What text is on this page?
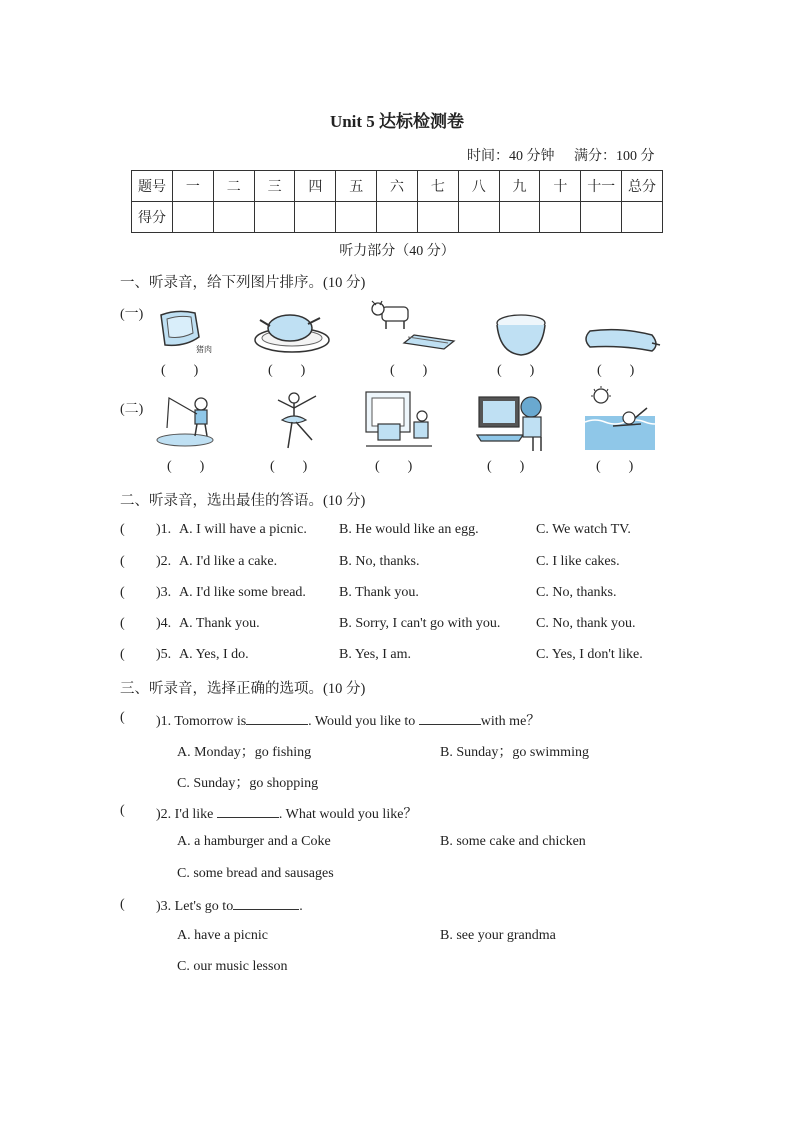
Unit 5 达标检测卷
时间：40 分钟 满分：100 分
题号	一	二	三	四	五	六	七	八	九	十	十一	总分
得分												
听力部分（40 分）
一、听录音，给下列图片排序。(10 分)
(一)
猪肉
(　　)	(　　)	(　　)	(　　)	(　　)
(二)
(　　)	(　　)	(　　)	(　　)	(　　)
二、听录音，选出最佳的答语。(10 分)
( )1. A. I will have a picnic. B. He would like an egg.	C. We watch TV.
( )2. A. I'd like a cake.	B. No, thanks.	C. I like cakes.
( )3. A. I'd like some bread. B. Thank you.	C. No, thanks.
( )4. A. Thank you.	B. Sorry, I can't go with you.	C. No, thank you.
( )5. A. Yes, I do.	B. Yes, I am.	C. Yes, I don't like.
三、听录音，选择正确的选项。(10 分)
( )1. Tomorrow is	. Would you like to	with me？
A. Monday；go fishing	B. Sunday；go swimming
C. Sunday；go shopping
( )2. I'd like	. What would you like？
A. a hamburger and a Coke	B. some cake and chicken
C. some bread and sausages
( )3. Let's go to	.
A. have a picnic	B. see your grandma
C. our music lesson
